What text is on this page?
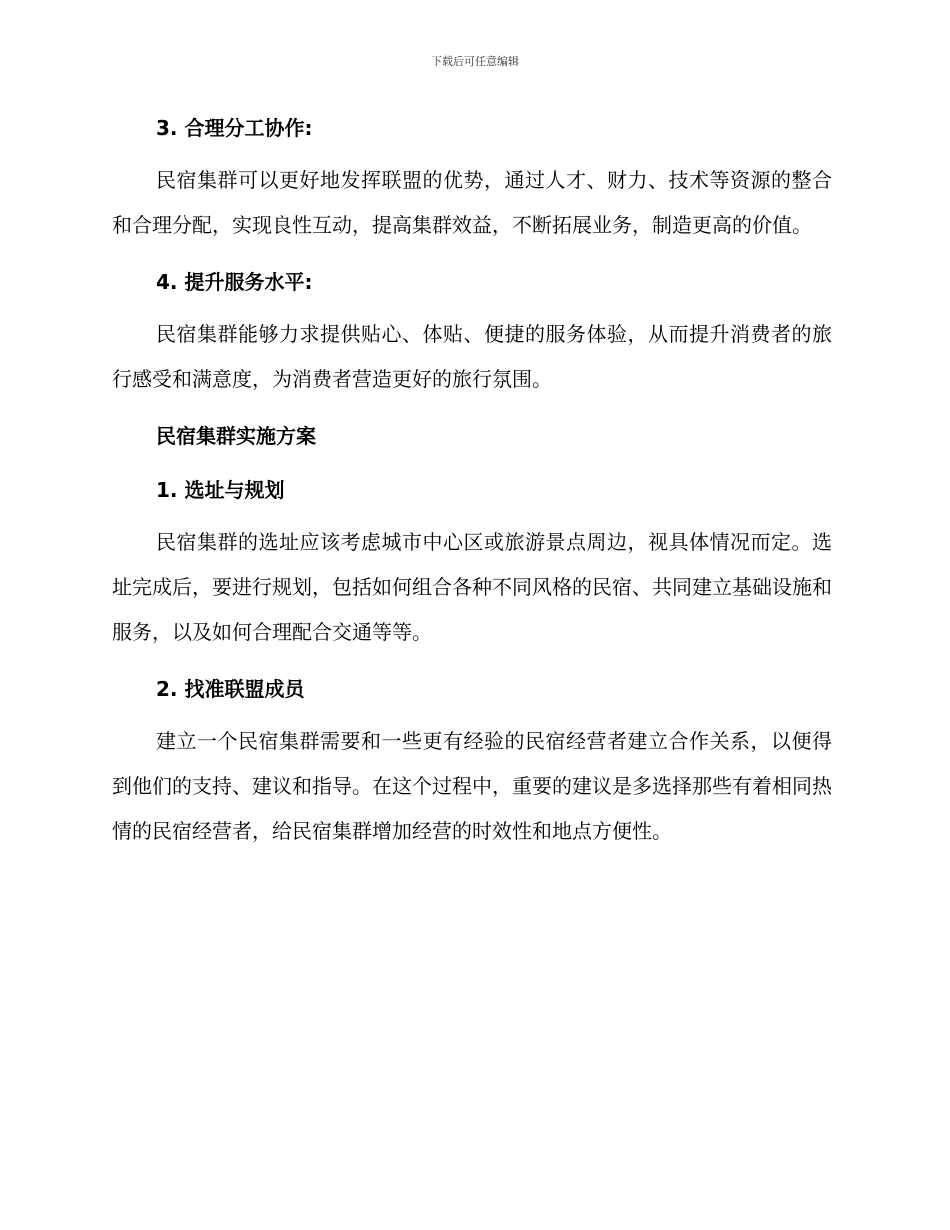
下载后可任意编辑
3. 合理分工协作:

民宿集群可以更好地发挥联盟的优势，通过人才、财力、技术等资源的整合和合理分配，实现良性互动，提高集群效益，不断拓展业务，制造更高的价值。

4. 提升服务水平:

民宿集群能够力求提供贴心、体贴、便捷的服务体验，从而提升消费者的旅行感受和满意度，为消费者营造更好的旅行氛围。

民宿集群实施方案
1. 选址与规划

民宿集群的选址应该考虑城市中心区或旅游景点周边，视具体情况而定。选址完成后，要进行规划，包括如何组合各种不同风格的民宿、共同建立基础设施和服务，以及如何合理配合交通等等。

2. 找准联盟成员

建立一个民宿集群需要和一些更有经验的民宿经营者建立合作关系，以便得到他们的支持、建议和指导。在这个过程中，重要的建议是多选择那些有着相同热情的民宿经营者，给民宿集群增加经营的时效性和地点方便性。
